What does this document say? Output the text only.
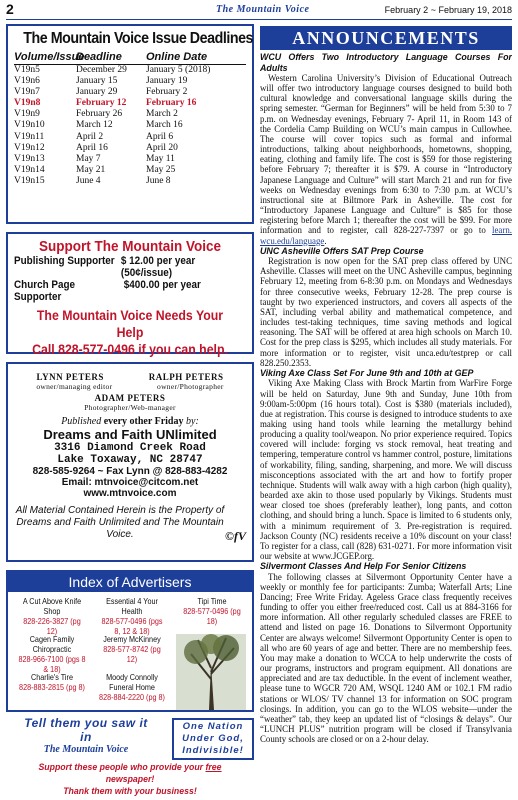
2	The Mountain Voice	February 2 ~ February 19, 2018
The Mountain Voice Issue Deadlines
Volume/Issue
Deadline	Online Date
V19n5	December 29	January 5 (2018)
V19n6	January 15	January 19
V19n7	January 29	February 2
V19n8	February 12	February 16
V19n9	February 26	March 2
V19n10	March 12	March 16
V19n11	April 2	April 6
V19n12	April 16	April 20
V19n13	May 7	May 11
V19n14	May 21	May 25
V19n15	June 4	June 8
Support The Mountain Voice
Publishing Supporter $ 12.00 per year (50¢/issue)
Church Page Supporter
$400.00 per year
The Mountain Voice Needs Your Help
Call 828-577-0496 if you can help.
LYNN PETERS	RALPH PETERS
owner/managing editor	owner/Photographer
ADAM PETERS
Photographer/Web-manager
Published every other Friday by:
Dreams and Faith UNlimited
3316 Diamond Creek Road
Lake Toxaway, NC 28747
828-585-9264 ~ Fax Lynn @ 828-883-4282
Email: mtnvoice@citcom.net
www.mtnvoice.com
All Material Contained Herein is the Property of Dreams and Faith Unlimited and The Mountain Voice.	©fV
Index of Advertisers
A Cut Above Knife Shop
828-226-3827 (pg 12)
Essential 4 Your Health
828-577-0496 (pgs 8, 12 & 18)
Tipi Time
828-577-0496 (pg 18)
Cagen Family Chiropractic
828-966-7100 (pgs 8 & 18)
Jeremy McKinney
828-577-8742 (pg 12)
Charlie's Tire
828-883-2815 (pg 8)
Moody Connolly Funeral Home
828-884-2220 (pg 8)
Tell them you saw it
in
The Mountain Voice
One Nation
Under God,
Indivisible!
Support these people who provide your free newspaper!
Thank them with your business!
ANNOUNCEMENTS
WCU Offers Two Introductory Language Courses For Adults

Western Carolina University’s Division of Educational Outreach will offer two introductory language courses designed to build both cultural knowledge and conversational language skills during the spring semester. “German for Beginners” will be held from 5:30 to 7 p.m. on Wednesday evenings, February 7- April 11, in Room 143 of the Cordelia Camp Building on WCU’s main campus in Cullowhee. The course will cover topics such as formal and informal introductions, talking about neighborhoods, hometowns, shopping, eating, clothing and family life. The cost is $59 for those registering before February 7; thereafter it is $79. A course in “Introductory Japanese Language and Culture” will start March 21 and run for five weeks on Wednesday evenings from 6:30 to 7:30 p.m. at WCU’s instructional site at Biltmore Park in Asheville. The cost for “Introductory Japanese Language and Culture” is $85 for those registering before March 1; thereafter the cost will be $99. For more information and to register, call 828-227-7397 or go to learn. wcu.edu/language.

UNC Asheville Offers SAT Prep Course

Registration is now open for the SAT prep class offered by UNC Asheville. Classes will meet on the UNC Asheville campus, beginning February 12, meeting from 6-8:30 p.m. on Mondays and Wednesdays for three consecutive weeks, February 12-28. The prep course is taught by two experienced instructors, and covers all aspects of the SAT, including verbal ability and mathematical competence, and includes test-taking techniques, time saving methods and logical reasoning. The SAT will be offered at area high schools on March 10. Cost for the prep class is $295, which includes all study materials. For more information or to register, visit unca.edu/testprep or call 828.250.2353.

Viking Axe Class Set For June 9th and 10th at GEP

Viking Axe Making Class with Brock Martin from WarFire Forge will be held on Saturday, June 9th and Sunday, June 10th from 9:00am-5:00pm (16 hours total). Cost is $380 (materials included), due at registration. This course is designed to introduce students to axe making using hand tools while learning the metallurgy behind producing a quality tool/weapon. No prior experience required. Topics covered will include: forging vs stock removal, heat treating and tempering, temperature control vs hammer control, posture, limitations of workability, filing, sanding, sharpening, and more. We will discuss misconceptions associated with the art and how to fortify proper technique. Students will walk away with a high carbon (high quality), bearded axe akin to those used popularly by Vikings. Students must wear closed toe shoes (preferably leather), long pants, and cotton clothing, and should bring a lunch. Space is limited to 6 students only, with a minimum requirement of 3. Pre-registration is required. Jackson County (NC) residents receive a 10% discount on your class! To register for a class, call (828) 631-0271. For more information visit our website at www.JCGEP.org.

Silvermont Classes And Help For Senior Citizens

The following classes at Silvermont Opportunity Center have a weekly or monthly fee for participants: Zumba; Waterfall Arts; Line Dancing; Free Write Friday. Ageless Grace class frequently receives funding to offer you either free/reduced cost. Call us at 884-3166 for more information. All other regularly scheduled classes are FREE to attend and listed on page 16. Donations to Silvermont Opportunity Center are always welcome! Silvermont Opportunity Center is open to all who are 60 years of age and better. There are no membership fees. You may make a donation to WCCA to help underwrite the costs of our programs, instructors and program equipment. All donations are appreciated and are tax deductible. In the event of inclement weather, please tune to WGCR 720 AM, WSQL 1240 AM or 102.1 FM radio stations or WLOS/ TV channel 13 for information on SOC program closings. In addition, you can go to the WLOS website—under the “weather” tab, they keep an updated list of “closings & delays”. Our “LUNCH PLUS” nutrition program will be closed if Transylvania County schools are closed or on a 2-hour delay.
